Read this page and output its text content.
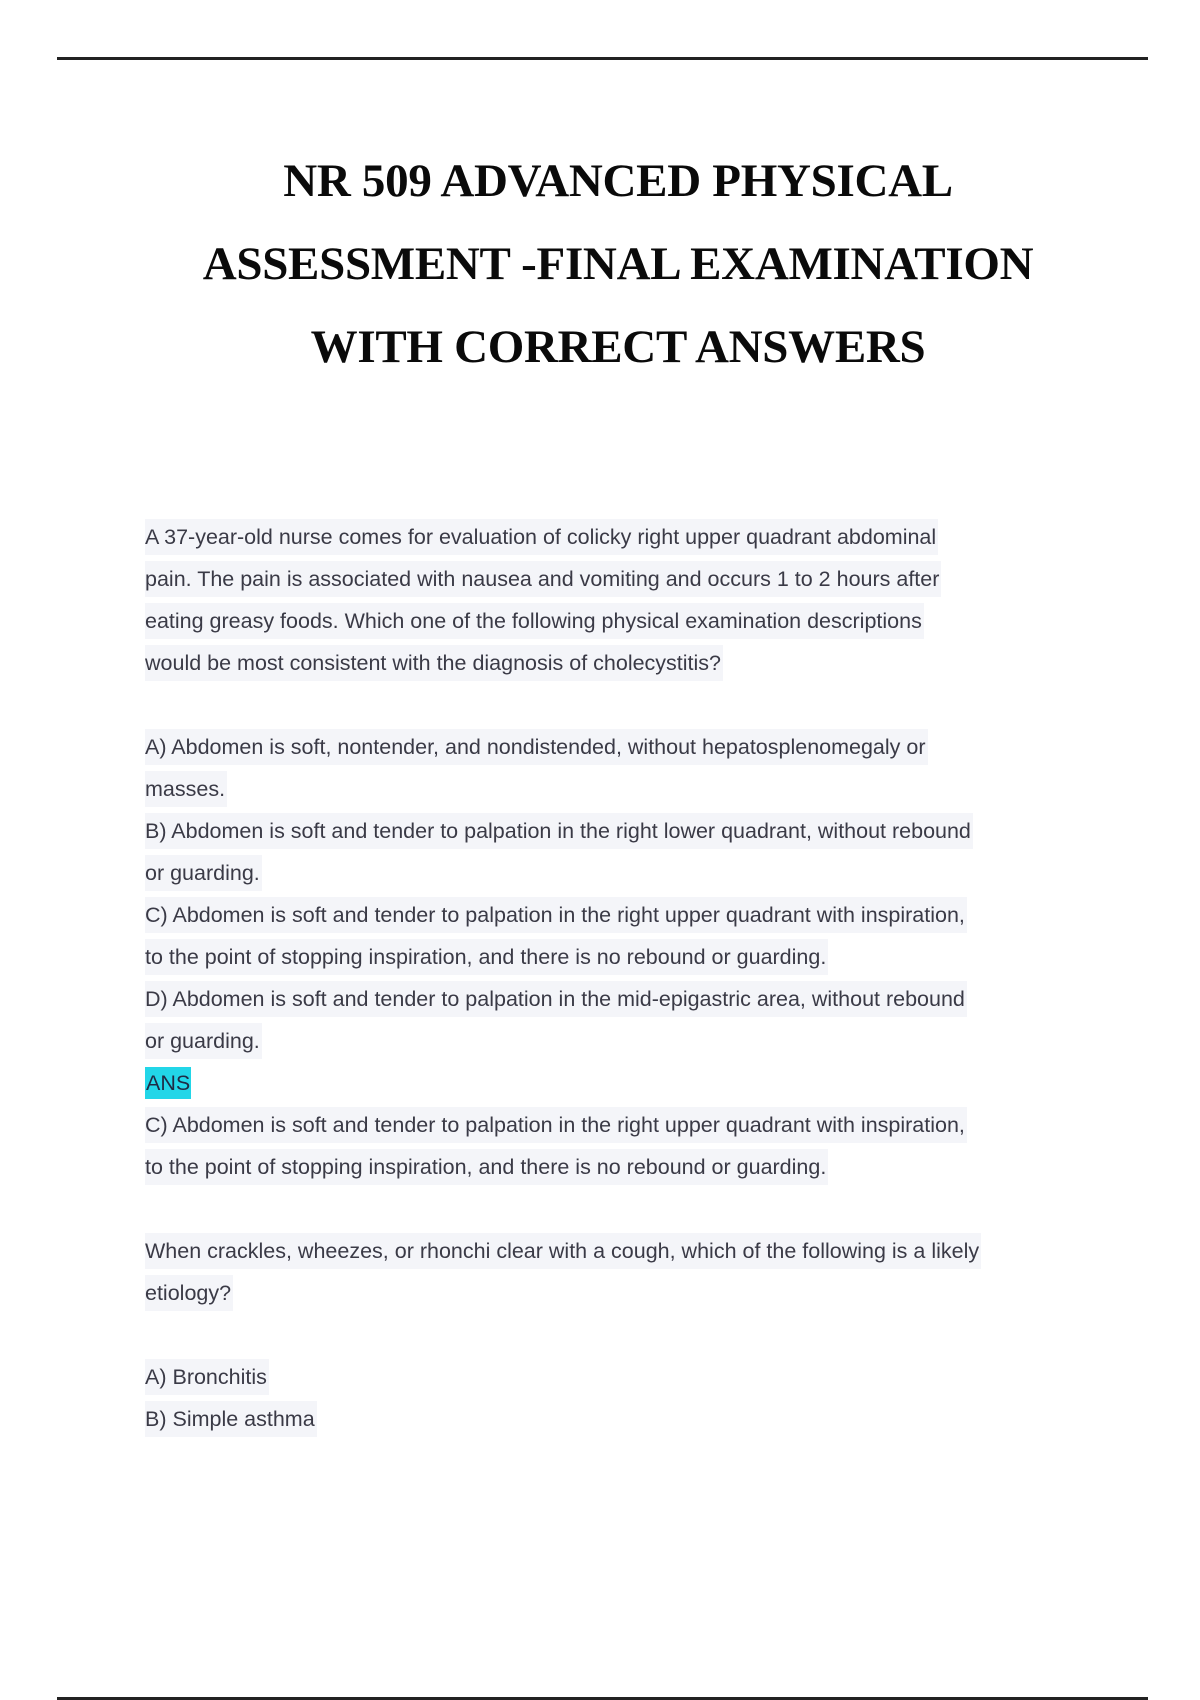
NR 509 ADVANCED PHYSICAL
ASSESSMENT -FINAL EXAMINATION
WITH CORRECT ANSWERS
A 37-year-old nurse comes for evaluation of colicky right upper quadrant abdominal
pain. The pain is associated with nausea and vomiting and occurs 1 to 2 hours after
eating greasy foods. Which one of the following physical examination descriptions
would be most consistent with the diagnosis of cholecystitis?
A) Abdomen is soft, nontender, and nondistended, without hepatosplenomegaly or
masses.
B) Abdomen is soft and tender to palpation in the right lower quadrant, without rebound
or guarding.
C) Abdomen is soft and tender to palpation in the right upper quadrant with inspiration,
to the point of stopping inspiration, and there is no rebound or guarding.
D) Abdomen is soft and tender to palpation in the mid-epigastric area, without rebound
or guarding.
ANS
C) Abdomen is soft and tender to palpation in the right upper quadrant with inspiration,
to the point of stopping inspiration, and there is no rebound or guarding.
When crackles, wheezes, or rhonchi clear with a cough, which of the following is a likely
etiology?
A) Bronchitis
B) Simple asthma
